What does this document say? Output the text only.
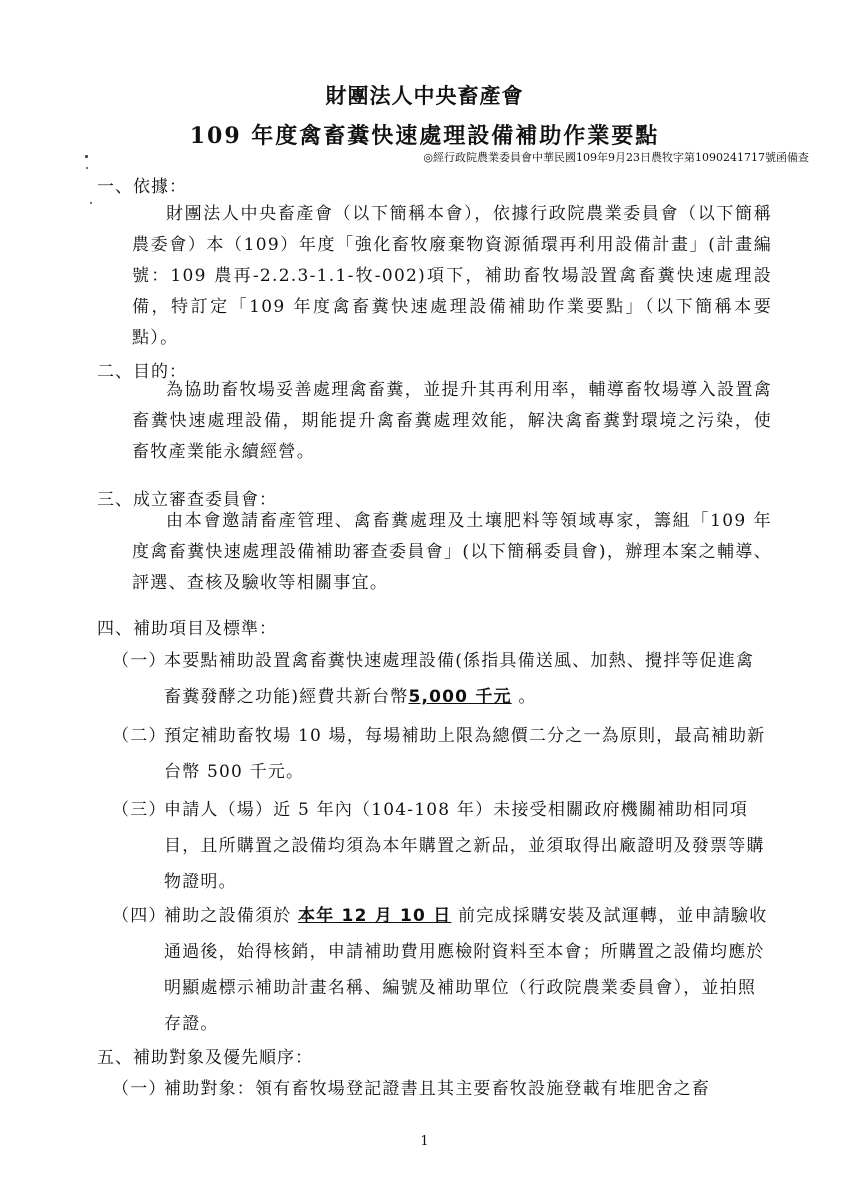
財團法人中央畜產會
109 年度禽畜糞快速處理設備補助作業要點
◎經行政院農業委員會中華民國109年9月23日農牧字第1090241717號函備查
一、依據：
財團法人中央畜產會（以下簡稱本會），依據行政院農業委員會（以下簡稱農委會）本（109）年度「強化畜牧廢棄物資源循環再利用設備計畫」(計畫編號：109 農再-2.2.3-1.1-牧-002)項下，補助畜牧場設置禽畜糞快速處理設備，特訂定「109 年度禽畜糞快速處理設備補助作業要點」（以下簡稱本要點）。
二、目的：
為協助畜牧場妥善處理禽畜糞，並提升其再利用率，輔導畜牧場導入設置禽畜糞快速處理設備，期能提升禽畜糞處理效能，解決禽畜糞對環境之污染，使畜牧產業能永續經營。
三、成立審查委員會：
由本會邀請畜產管理、禽畜糞處理及土壤肥料等領域專家，籌組「109 年度禽畜糞快速處理設備補助審查委員會」(以下簡稱委員會)，辦理本案之輔導、評選、查核及驗收等相關事宜。
四、補助項目及標準：
（一）
本要點補助設置禽畜糞快速處理設備(係指具備送風、加熱、攪拌等促進禽畜糞發酵之功能)經費共新台幣5,000 千元 。
（二）
預定補助畜牧場 10 場，每場補助上限為總價二分之一為原則，最高補助新台幣 500 千元。
（三）
申請人（場）近 5 年內（104-108 年）未接受相關政府機關補助相同項目，且所購置之設備均須為本年購置之新品，並須取得出廠證明及發票等購物證明。
（四）
補助之設備須於 本年 12 月 10 日 前完成採購安裝及試運轉，並申請驗收通過後，始得核銷，申請補助費用應檢附資料至本會；所購置之設備均應於明顯處標示補助計畫名稱、編號及補助單位（行政院農業委員會），並拍照存證。
五、補助對象及優先順序：
（一）
補助對象：領有畜牧場登記證書且其主要畜牧設施登載有堆肥舍之畜
1
